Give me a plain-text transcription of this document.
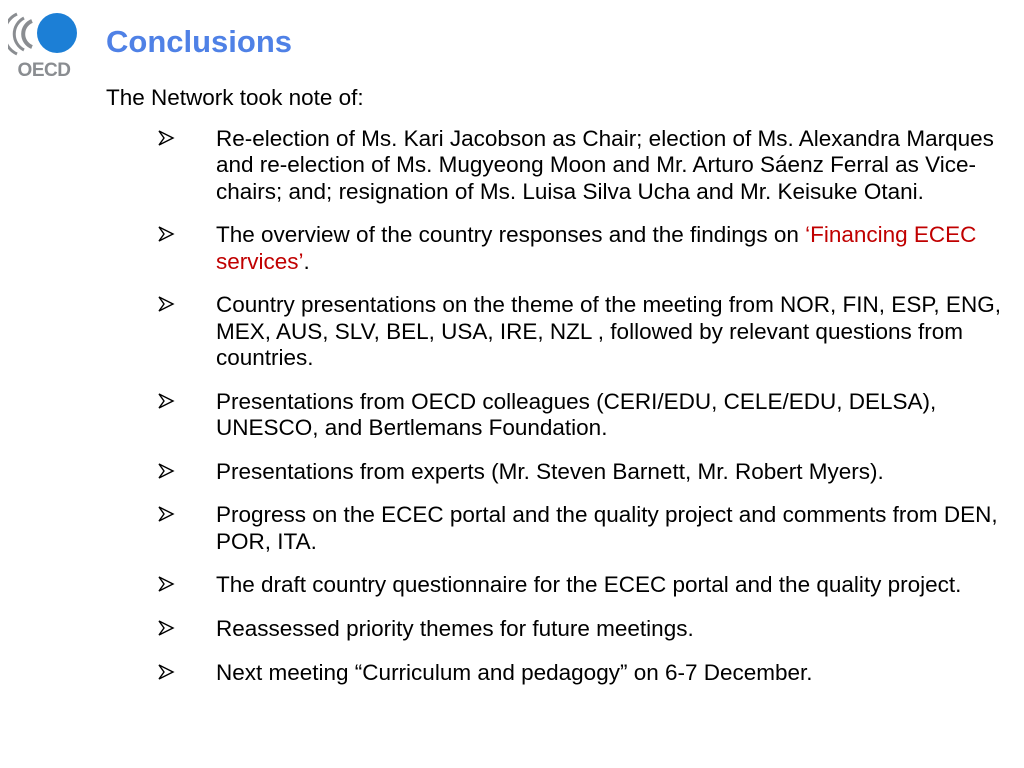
OECD
Conclusions
The Network took note of:
Re-election of Ms. Kari Jacobson as Chair; election of Ms. Alexandra Marques and re-election of Ms. Mugyeong Moon and Mr. Arturo Sáenz Ferral as Vice-chairs; and; resignation of Ms. Luisa Silva Ucha and Mr. Keisuke Otani.
The overview of the country responses and the findings on ‘Financing ECEC services’.
Country presentations on the theme of the meeting from NOR, FIN, ESP, ENG, MEX, AUS, SLV, BEL, USA, IRE, NZL , followed by relevant questions from countries.
Presentations from OECD colleagues (CERI/EDU, CELE/EDU, DELSA), UNESCO, and Bertlemans Foundation.
Presentations from experts (Mr. Steven Barnett, Mr. Robert Myers).
Progress on the ECEC portal and the quality project and comments from DEN, POR, ITA.
The draft country questionnaire for the ECEC portal and the quality project.
Reassessed priority themes for future meetings.
Next meeting “Curriculum and pedagogy” on 6-7 December.
